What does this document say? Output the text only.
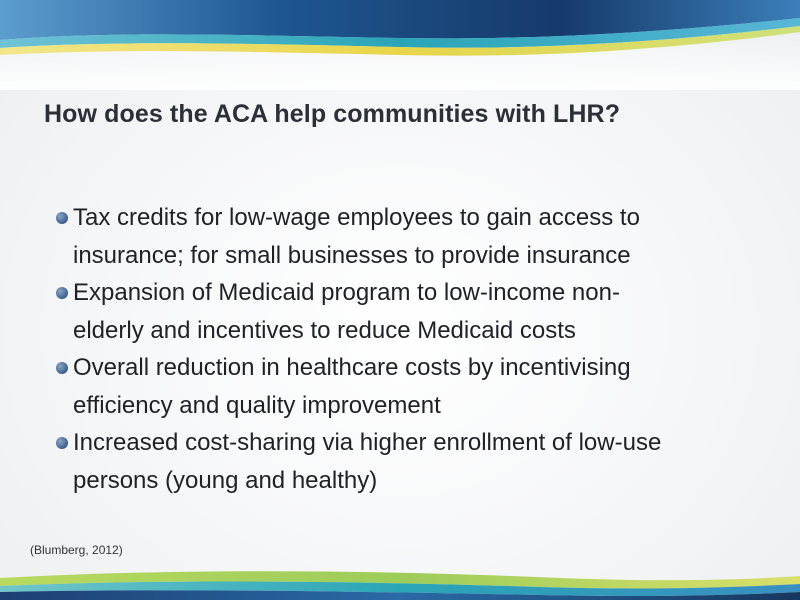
How does the ACA help communities with LHR?
Tax credits for low-wage employees to gain access to
insurance; for small businesses to provide insurance
Expansion of Medicaid program to low-income non-
elderly and incentives to reduce Medicaid costs
Overall reduction in healthcare costs by incentivising
efficiency and quality improvement
Increased cost-sharing via higher enrollment of low-use
persons (young and healthy)

(Blumberg, 2012)
